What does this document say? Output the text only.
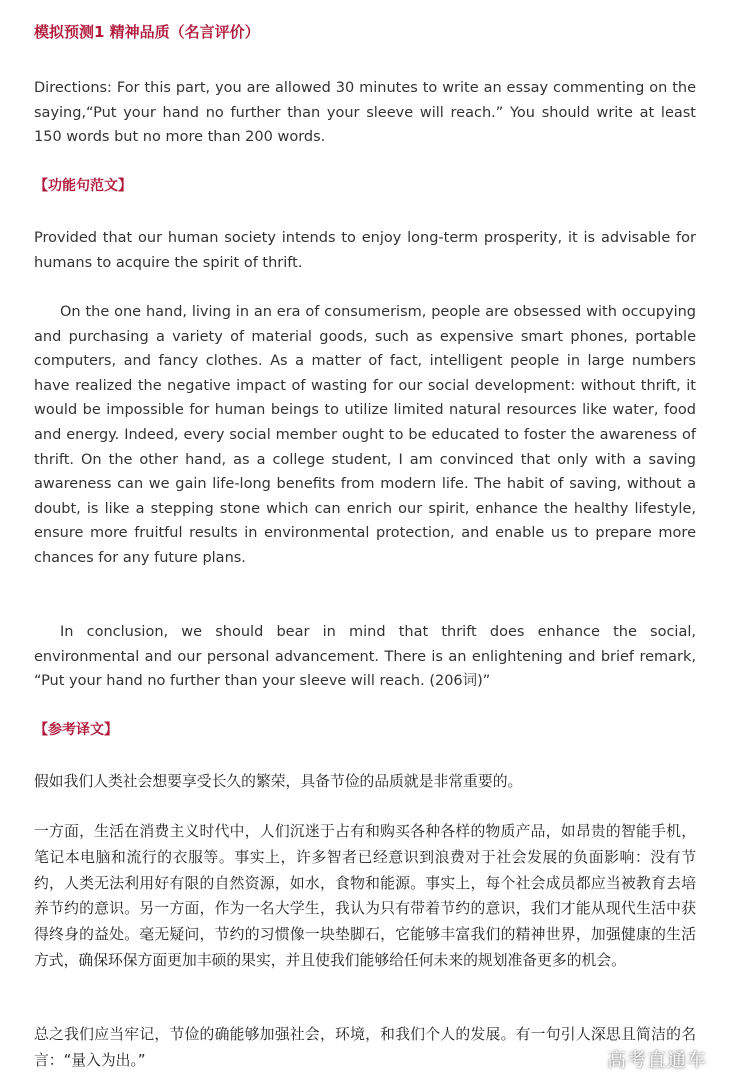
模拟预测1 精神品质（名言评价）
Directions: For this part, you are allowed 30 minutes to write an essay commenting on the saying,“Put your hand no further than your sleeve will reach.” You should write at least 150 words but no more than 200 words.
【功能句范文】
Provided that our human society intends to enjoy long-term prosperity, it is advisable for humans to acquire the spirit of thrift.
On the one hand, living in an era of consumerism, people are obsessed with occupying and purchasing a variety of material goods, such as expensive smart phones, portable computers, and fancy clothes. As a matter of fact, intelligent people in large numbers have realized the negative impact of wasting for our social development: without thrift, it would be impossible for human beings to utilize limited natural resources like water, food and energy. Indeed, every social member ought to be educated to foster the awareness of thrift. On the other hand, as a college student, I am convinced that only with a saving awareness can we gain life-long benefits from modern life. The habit of saving, without a doubt, is like a stepping stone which can enrich our spirit, enhance the healthy lifestyle, ensure more fruitful results in environmental protection, and enable us to prepare more chances for any future plans.
In conclusion, we should bear in mind that thrift does enhance the social, environmental and our personal advancement. There is an enlightening and brief remark, “Put your hand no further than your sleeve will reach. (206词)”
【参考译文】
假如我们人类社会想要享受长久的繁荣，具备节俭的品质就是非常重要的。
一方面，生活在消费主义时代中，人们沉迷于占有和购买各种各样的物质产品，如昂贵的智能手机，笔记本电脑和流行的衣服等。事实上，许多智者已经意识到浪费对于社会发展的负面影响：没有节约，人类无法利用好有限的自然资源，如水，食物和能源。事实上，每个社会成员都应当被教育去培养节约的意识。另一方面，作为一名大学生，我认为只有带着节约的意识，我们才能从现代生活中获得终身的益处。毫无疑问，节约的习惯像一块垫脚石，它能够丰富我们的精神世界，加强健康的生活方式，确保环保方面更加丰硕的果实，并且使我们能够给任何未来的规划准备更多的机会。
总之我们应当牢记，节俭的确能够加强社会，环境，和我们个人的发展。有一句引人深思且简洁的名言：“量入为出。”	高考直通车
